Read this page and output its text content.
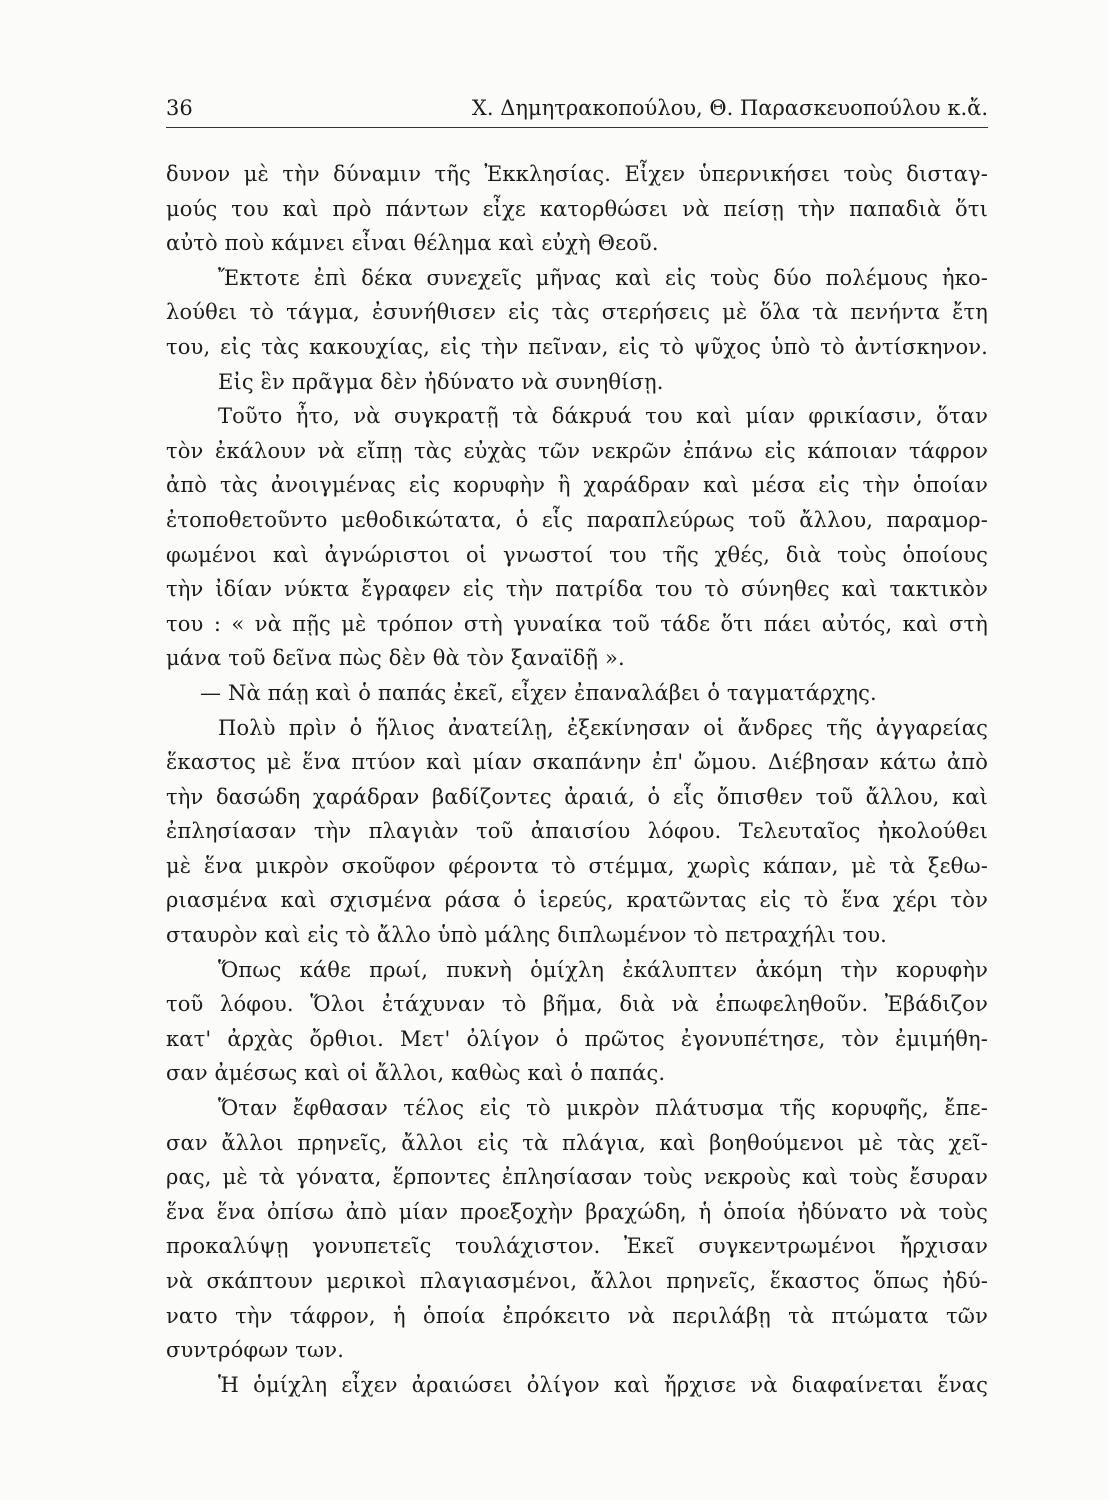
36	Χ. Δημητρακοπούλου, Θ. Παρασκευοπούλου κ.ἄ.

δυνον μὲ τὴν δύναμιν τῆς Ἐκκλησίας. Εἶχεν ὑπερνικήσει τοὺς δισταγ-
μούς του καὶ πρὸ πάντων εἶχε κατορθώσει νὰ πείσῃ τὴν παπαδιὰ ὅτι
αὐτὸ ποὺ κάμνει εἶναι θέλημα καὶ εὐχὴ Θεοῦ.

Ἔκτοτε ἐπὶ δέκα συνεχεῖς μῆνας καὶ εἰς τοὺς δύο πολέμους ἠκο-
λούθει τὸ τάγμα, ἐσυνήθισεν εἰς τὰς στερήσεις μὲ ὅλα τὰ πενήντα ἔτη
του, εἰς τὰς κακουχίας, εἰς τὴν πεῖναν, εἰς τὸ ψῦχος ὑπὸ τὸ ἀντίσκηνον.

Εἰς ἓν πρᾶγμα δὲν ἠδύνατο νὰ συνηθίσῃ.

Τοῦτο ἦτο, νὰ συγκρατῇ τὰ δάκρυά του καὶ μίαν φρικίασιν, ὅταν
τὸν ἐκάλουν νὰ εἴπῃ τὰς εὐχὰς τῶν νεκρῶν ἐπάνω εἰς κάποιαν τάφρον
ἀπὸ τὰς ἀνοιγμένας εἰς κορυφὴν ἢ χαράδραν καὶ μέσα εἰς τὴν ὁποίαν
ἐτοποθετοῦντο μεθοδικώτατα, ὁ εἷς παραπλεύρως τοῦ ἄλλου, παραμορ-
φωμένοι καὶ ἀγνώριστοι οἱ γνωστοί του τῆς χθές, διὰ τοὺς ὁποίους
τὴν ἰδίαν νύκτα ἔγραφεν εἰς τὴν πατρίδα του τὸ σύνηθες καὶ τακτικὸν
του : « νὰ πῇς μὲ τρόπον στὴ γυναίκα τοῦ τάδε ὅτι πάει αὐτός, καὶ στὴ
μάνα τοῦ δεῖνα πὼς δὲν θὰ τὸν ξαναϊδῇ ».

— Νὰ πάῃ καὶ ὁ παπάς ἐκεῖ, εἶχεν ἐπαναλάβει ὁ ταγματάρχης.

Πολὺ πρὶν ὁ ἥλιος ἀνατείλῃ, ἐξεκίνησαν οἱ ἄνδρες τῆς ἀγγαρείας
ἕκαστος μὲ ἕνα πτύον καὶ μίαν σκαπάνην ἐπ' ὤμου. Διέβησαν κάτω ἀπὸ
τὴν δασώδη χαράδραν βαδίζοντες ἀραιά, ὁ εἷς ὄπισθεν τοῦ ἄλλου, καὶ
ἐπλησίασαν τὴν πλαγιὰν τοῦ ἀπαισίου λόφου. Τελευταῖος ἠκολούθει
μὲ ἕνα μικρὸν σκοῦφον φέροντα τὸ στέμμα, χωρὶς κάπαν, μὲ τὰ ξεθω-
ριασμένα καὶ σχισμένα ράσα ὁ ἱερεύς, κρατῶντας εἰς τὸ ἕνα χέρι τὸν
σταυρὸν καὶ εἰς τὸ ἄλλο ὑπὸ μάλης διπλωμένον τὸ πετραχήλι του.

Ὅπως κάθε πρωί, πυκνὴ ὁμίχλη ἐκάλυπτεν ἀκόμη τὴν κορυφὴν
τοῦ λόφου. Ὅλοι ἐτάχυναν τὸ βῆμα, διὰ νὰ ἐπωφεληθοῦν. Ἐβάδιζον
κατ' ἀρχὰς ὄρθιοι. Μετ' ὀλίγον ὁ πρῶτος ἐγονυπέτησε, τὸν ἐμιμήθη-
σαν ἀμέσως καὶ οἱ ἄλλοι, καθὼς καὶ ὁ παπάς.

Ὅταν ἔφθασαν τέλος εἰς τὸ μικρὸν πλάτυσμα τῆς κορυφῆς, ἔπε-
σαν ἄλλοι πρηνεῖς, ἄλλοι εἰς τὰ πλάγια, καὶ βοηθούμενοι μὲ τὰς χεῖ-
ρας, μὲ τὰ γόνατα, ἕρποντες ἐπλησίασαν τοὺς νεκροὺς καὶ τοὺς ἔσυραν
ἕνα ἕνα ὀπίσω ἀπὸ μίαν προεξοχὴν βραχώδη, ἡ ὁποία ἠδύνατο νὰ τοὺς
προκαλύψῃ γονυπετεῖς τουλάχιστον. Ἐκεῖ συγκεντρωμένοι ἤρχισαν
νὰ σκάπτουν μερικοὶ πλαγιασμένοι, ἄλλοι πρηνεῖς, ἕκαστος ὅπως ἠδύ-
νατο τὴν τάφρον, ἡ ὁποία ἐπρόκειτο νὰ περιλάβῃ τὰ πτώματα τῶν
συντρόφων των.

Ἡ ὁμίχλη εἶχεν ἀραιώσει ὀλίγον καὶ ἤρχισε νὰ διαφαίνεται ἕνας
